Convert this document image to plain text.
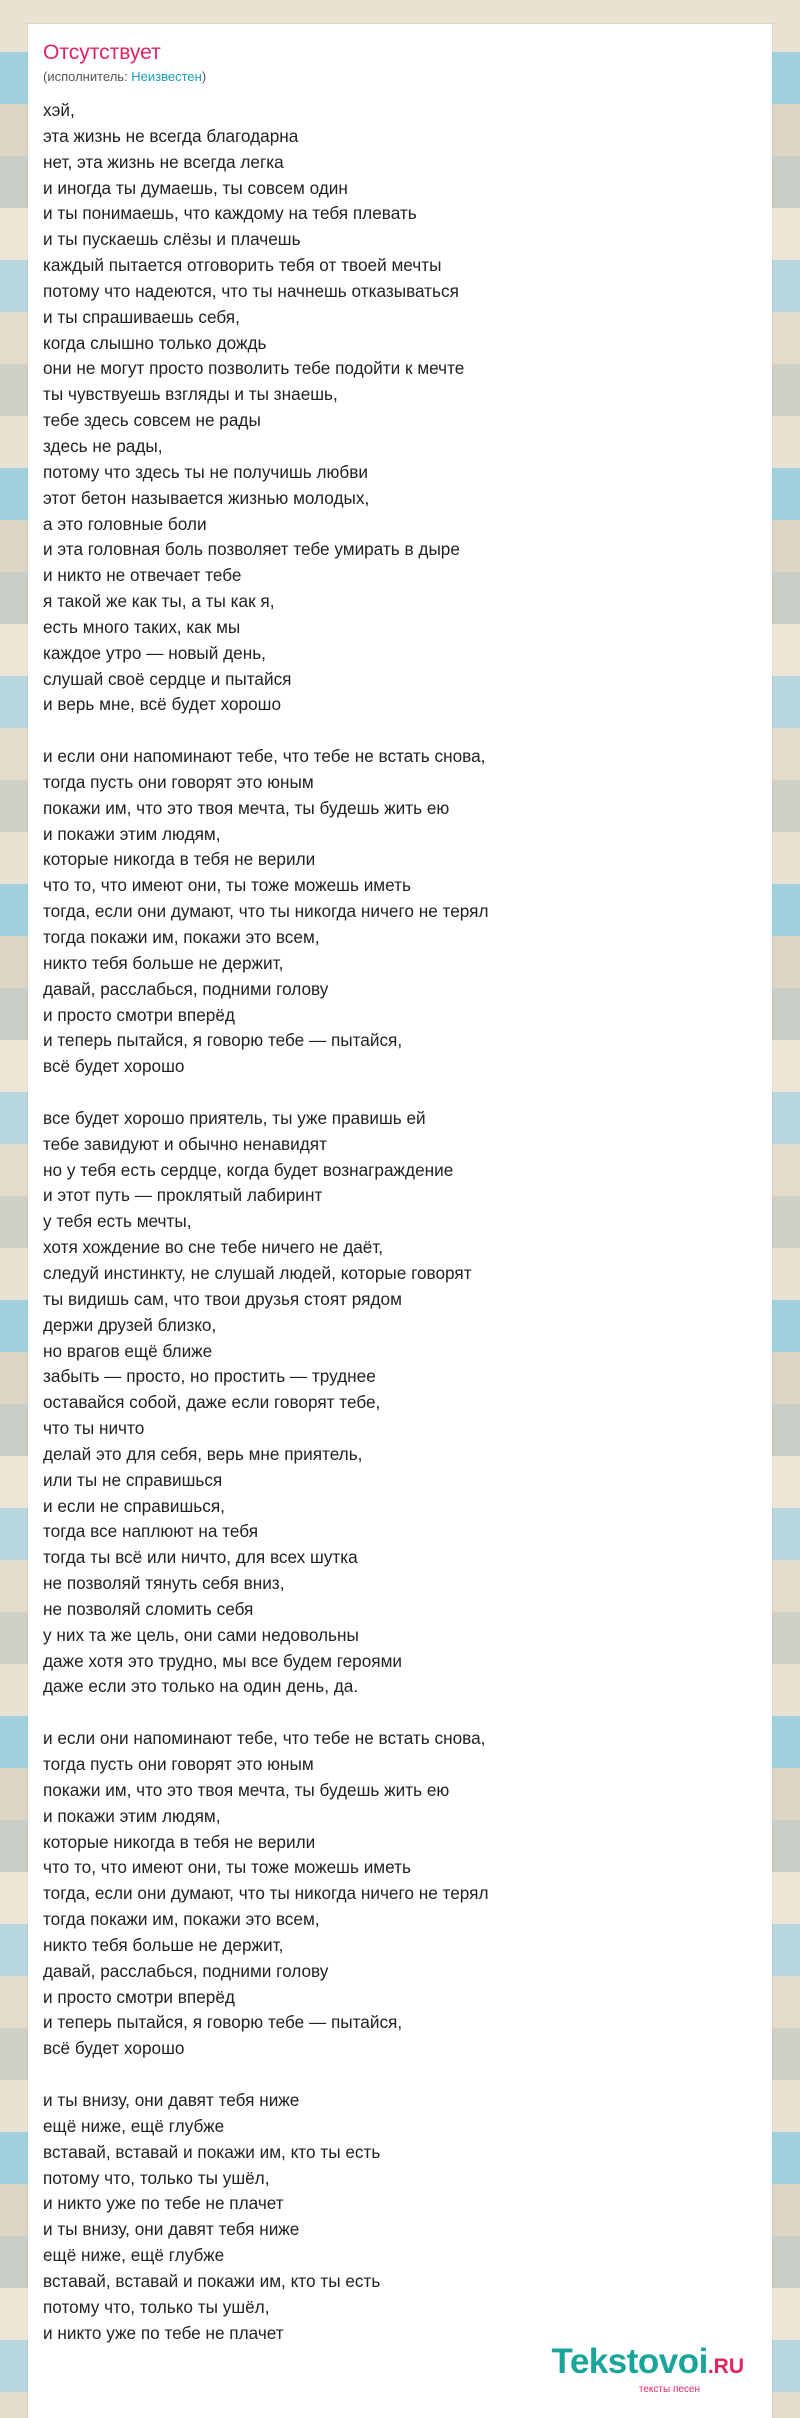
Отсутствует
(исполнитель: Неизвестен)
хэй,
эта жизнь не всегда благодарна
нет, эта жизнь не всегда легка
и иногда ты думаешь, ты совсем один
и ты понимаешь, что каждому на тебя плевать
и ты пускаешь слёзы и плачешь
каждый пытается отговорить тебя от твоей мечты
потому что надеются, что ты начнешь отказываться
и ты спрашиваешь себя,
когда слышно только дождь
они не могут просто позволить тебе подойти к мечте
ты чувствуешь взгляды и ты знаешь,
тебе здесь совсем не рады
здесь не рады,
потому что здесь ты не получишь любви
этот бетон называется жизнью молодых,
а это головные боли
и эта головная боль позволяет тебе умирать в дыре
и никто не отвечает тебе
я такой же как ты, а ты как я,
есть много таких, как мы
каждое утро — новый день,
слушай своё сердце и пытайся
и верь мне, всё будет хорошо
и если они напоминают тебе, что тебе не встать снова,
тогда пусть они говорят это юным
покажи им, что это твоя мечта, ты будешь жить ею
и покажи этим людям,
которые никогда в тебя не верили
что то, что имеют они, ты тоже можешь иметь
тогда, если они думают, что ты никогда ничего не терял
тогда покажи им, покажи это всем,
никто тебя больше не держит,
давай, расслабься, подними голову
и просто смотри вперёд
и теперь пытайся, я говорю тебе — пытайся,
всё будет хорошо
все будет хорошо приятель, ты уже правишь ей
тебе завидуют и обычно ненавидят
но у тебя есть сердце, когда будет вознаграждение
и этот путь — проклятый лабиринт
у тебя есть мечты,
хотя хождение во сне тебе ничего не даёт,
следуй инстинкту, не слушай людей, которые говорят
ты видишь сам, что твои друзья стоят рядом
держи друзей близко,
но врагов ещё ближе
забыть — просто, но простить — труднее
оставайся собой, даже если говорят тебе,
что ты ничто
делай это для себя, верь мне приятель,
или ты не справишься
и если не справишься,
тогда все наплюют на тебя
тогда ты всё или ничто, для всех шутка
не позволяй тянуть себя вниз,
не позволяй сломить себя
у них та же цель, они сами недовольны
даже хотя это трудно, мы все будем героями
даже если это только на один день, да.
и если они напоминают тебе, что тебе не встать снова,
тогда пусть они говорят это юным
покажи им, что это твоя мечта, ты будешь жить ею
и покажи этим людям,
которые никогда в тебя не верили
что то, что имеют они, ты тоже можешь иметь
тогда, если они думают, что ты никогда ничего не терял
тогда покажи им, покажи это всем,
никто тебя больше не держит,
давай, расслабься, подними голову
и просто смотри вперёд
и теперь пытайся, я говорю тебе — пытайся,
всё будет хорошо
и ты внизу, они давят тебя ниже
ещё ниже, ещё глубже
вставай, вставай и покажи им, кто ты есть
потому что, только ты ушёл,
и никто уже по тебе не плачет
и ты внизу, они давят тебя ниже
ещё ниже, ещё глубже
вставай, вставай и покажи им, кто ты есть
потому что, только ты ушёл,
и никто уже по тебе не плачет
Tekstovoi.RU
тексты песен
